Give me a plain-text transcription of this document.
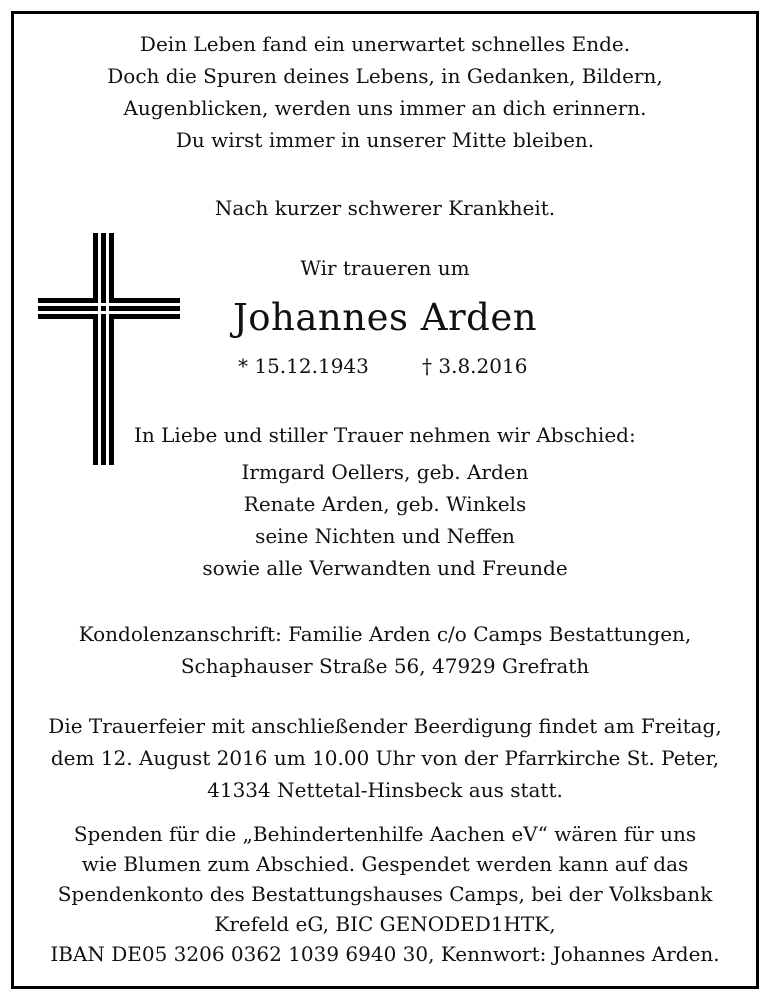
Dein Leben fand ein unerwartet schnelles Ende.
Doch die Spuren deines Lebens, in Gedanken, Bildern,
Augenblicken, werden uns immer an dich erinnern.
Du wirst immer in unserer Mitte bleiben.
Nach kurzer schwerer Krankheit.
Wir traueren um
Johannes Arden
* 15.12.1943	† 3.8.2016
In Liebe und stiller Trauer nehmen wir Abschied:
Irmgard Oellers, geb. Arden
Renate Arden, geb. Winkels
seine Nichten und Neffen
sowie alle Verwandten und Freunde
Kondolenzanschrift: Familie Arden c/o Camps Bestattungen,
Schaphauser Straße 56, 47929 Grefrath
Die Trauerfeier mit anschließender Beerdigung findet am Freitag,
dem 12. August 2016 um 10.00 Uhr von der Pfarrkirche St. Peter,
41334 Nettetal-Hinsbeck aus statt.
Spenden für die „Behindertenhilfe Aachen eV“ wären für uns
wie Blumen zum Abschied. Gespendet werden kann auf das
Spendenkonto des Bestattungshauses Camps, bei der Volksbank
Krefeld eG, BIC GENODED1HTK,
IBAN DE05 3206 0362 1039 6940 30, Kennwort: Johannes Arden.
